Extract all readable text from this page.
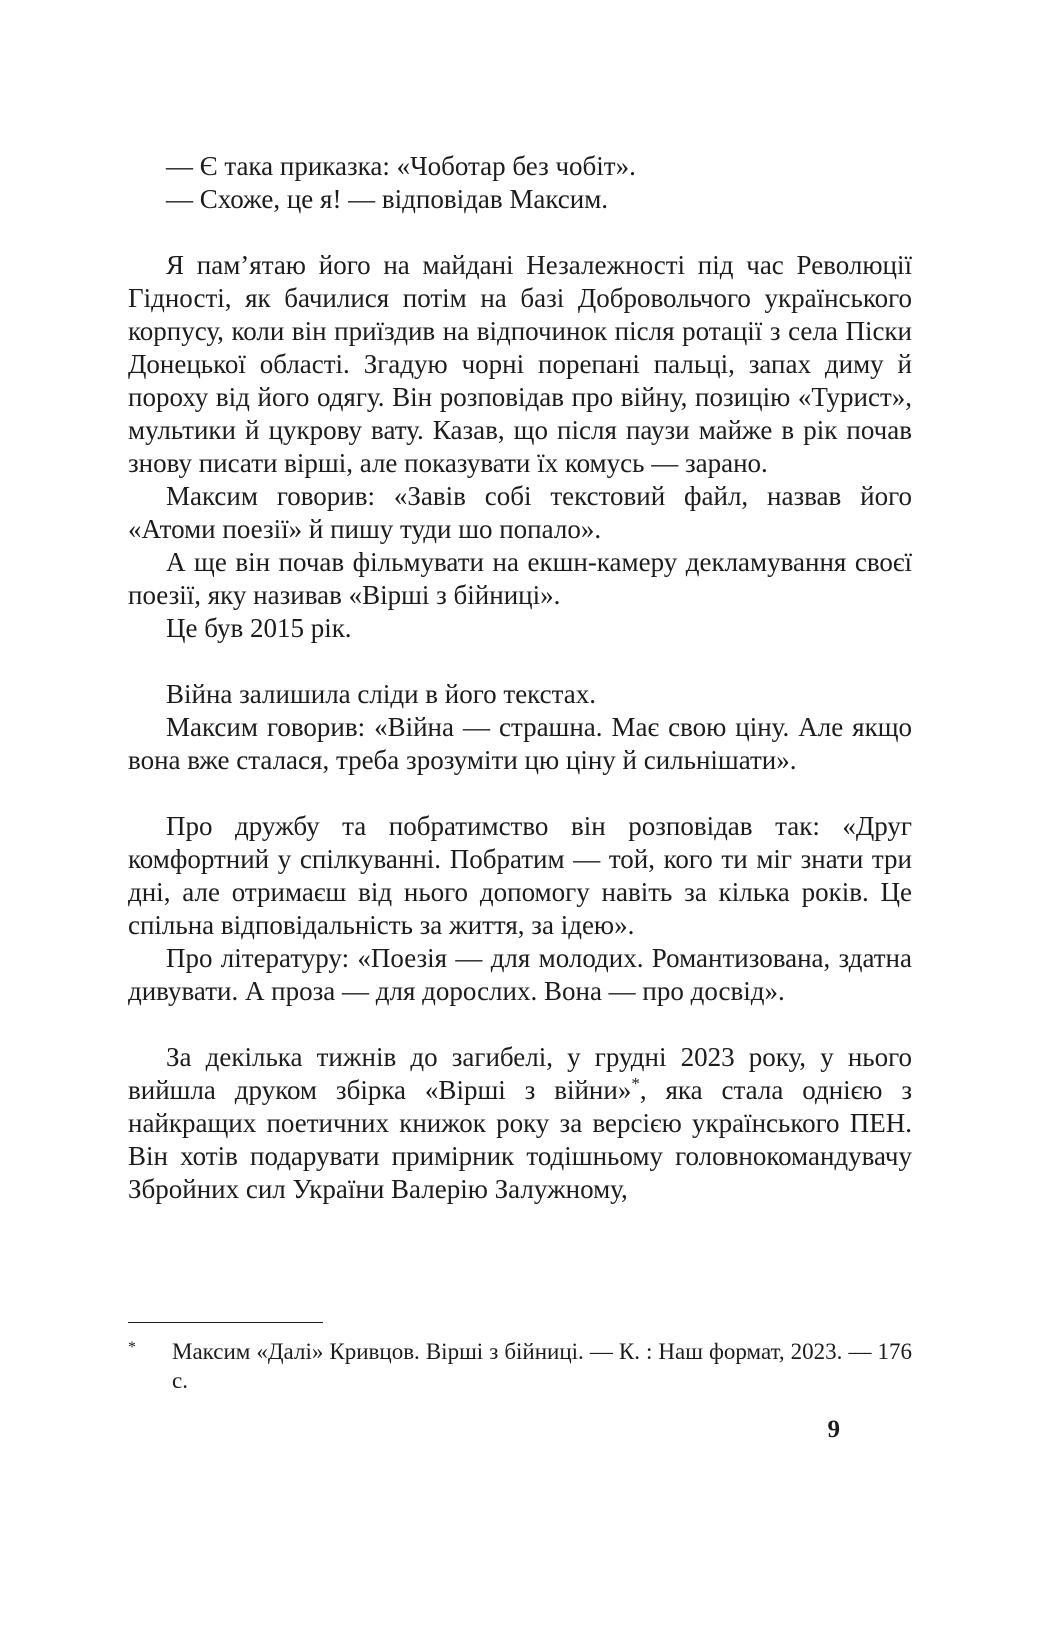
— Є така приказка: «Чоботар без чобіт».

— Схоже, це я! — відповідав Максим.

Я пам’ятаю його на майдані Незалежності під час Революції Гідності, як бачилися потім на базі Добровольчого українського корпусу, коли він приїздив на відпочинок після ротації з села Піски Донецької області. Згадую чорні порепані пальці, запах диму й пороху від його одягу. Він розповідав про війну, позицію «Турист», мультики й цукрову вату. Казав, що після паузи майже в рік почав знову писати вірші, але показувати їх комусь — зарано.

Максим говорив: «Завів собі текстовий файл, назвав його «Атоми поезії» й пишу туди шо попало».

А ще він почав фільмувати на екшн-камеру декламування своєї поезії, яку називав «Вірші з бійниці».

Це був 2015 рік.

Війна залишила сліди в його текстах.

Максим говорив: «Війна — страшна. Має свою ціну. Але якщо вона вже сталася, треба зрозуміти цю ціну й сильнішати».

Про дружбу та побратимство він розповідав так: «Друг комфортний у спілкуванні. Побратим — той, кого ти міг знати три дні, але отримаєш від нього допомогу навіть за кілька років. Це спільна відповідальність за життя, за ідею».

Про літературу: «Поезія — для молодих. Романтизована, здатна дивувати. А проза — для дорослих. Вона — про досвід».

За декілька тижнів до загибелі, у грудні 2023 року, у нього вийшла друком збірка «Вірші з війни»*, яка стала однією з найкращих поетичних книжок року за версією українського ПЕН. Він хотів подарувати примірник тодішньому головнокомандувачу Збройних сил України Валерію Залужному,

* Максим «Далі» Кривцов. Вірші з бійниці. — К. : Наш формат, 2023. — 176 с.

9
